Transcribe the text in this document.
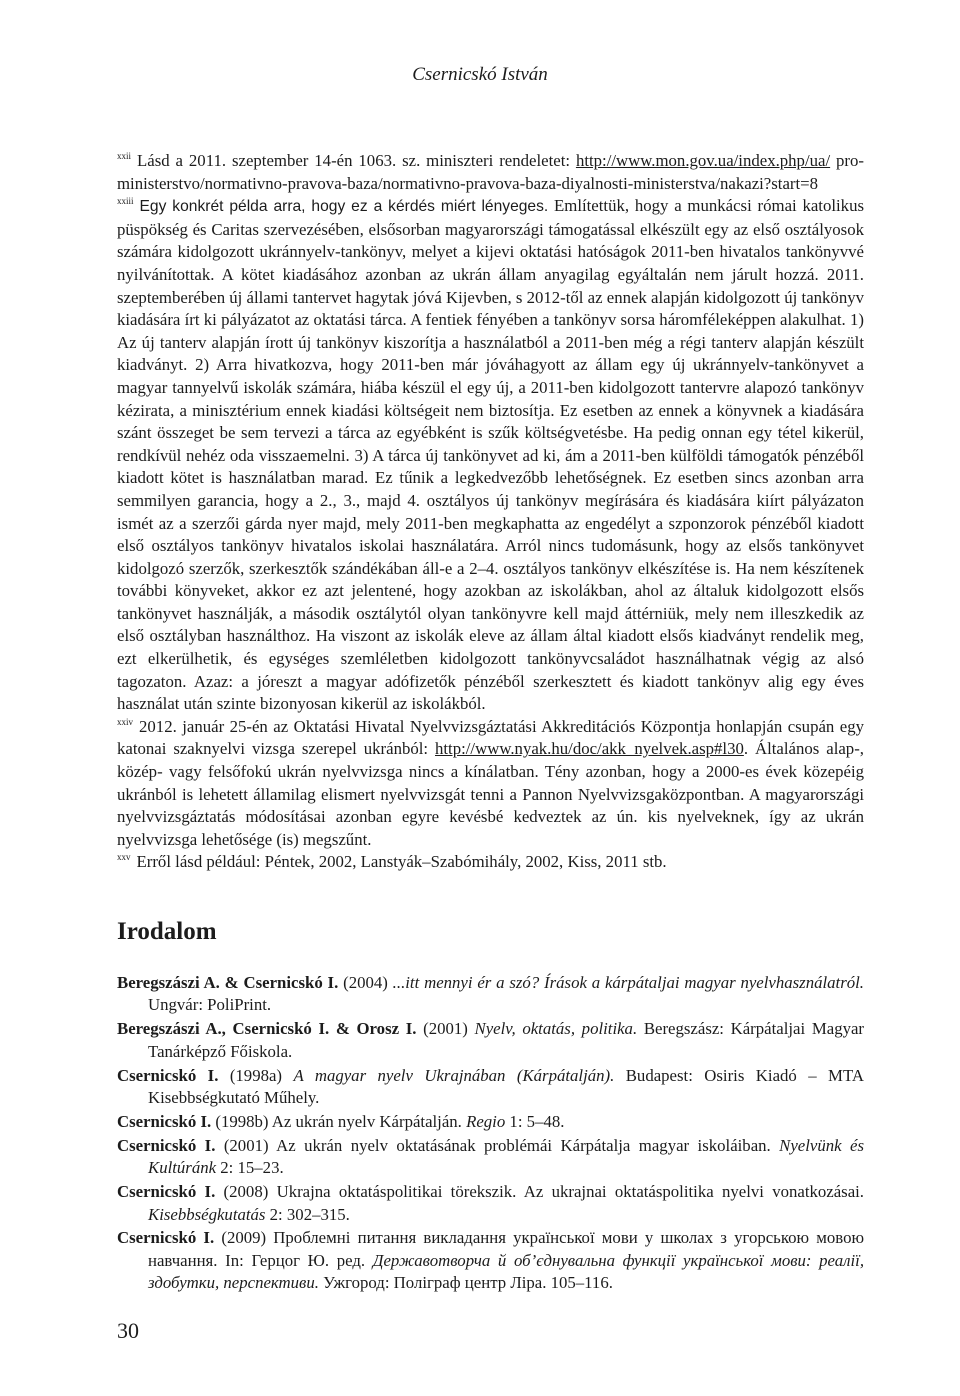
Csernicskó István

$^{xxii}$ Lásd a 2011. szeptember 14-én 1063. sz. miniszteri rendeletet: http://www.mon.gov.ua/index.php/ua/ pro-ministerstvo/normativno-pravova-baza/normativno-pravova-baza-diyalnosti-ministerstva/nakazi?start=8

$^{xxiii}$ Egy konkrét példa arra, hogy ez a kérdés miért lényeges. Említettük, hogy a munkácsi római katolikus püspökség és Caritas szervezésében, elsősorban magyarországi támogatással elkészült egy az első osztályosok számára kidolgozott ukránnyelv-tankönyv, melyet a kijevi oktatási hatóságok 2011-ben hivatalos tankönyvvé nyilvánítottak. A kötet kiadásához azonban az ukrán állam anyagilag egyáltalán nem járult hozzá. 2011. szeptemberében új állami tantervet hagytak jóvá Kijevben, s 2012-től az ennek alapján kidolgozott új tankönyv kiadására írt ki pályázatot az oktatási tárca. A fentiek fényében a tankönyv sorsa háromféleképpen alakulhat. 1) Az új tanterv alapján írott új tankönyv kiszorítja a használatból a 2011-ben még a régi tanterv alapján készült kiadványt. 2) Arra hivatkozva, hogy 2011-ben már jóváhagyott az állam egy új ukránnyelv-tankönyvet a magyar tannyelvű iskolák számára, hiába készül el egy új, a 2011-ben kidolgozott tantervre alapozó tankönyv kézirata, a minisztérium ennek kiadási költségeit nem biztosítja. Ez esetben az ennek a könyvnek a kiadására szánt összeget be sem tervezi a tárca az egyébként is szűk költségvetésbe. Ha pedig onnan egy tétel kikerül, rendkívül nehéz oda visszaemelni. 3) A tárca új tankönyvet ad ki, ám a 2011-ben külföldi támogatók pénzéből kiadott kötet is használatban marad. Ez tűnik a legkedvezőbb lehetőségnek. Ez esetben sincs azonban arra semmilyen garancia, hogy a 2., 3., majd 4. osztályos új tankönyv megírására és kiadására kiírt pályázaton ismét az a szerzői gárda nyer majd, mely 2011-ben megkaphatta az engedélyt a szponzorok pénzéből kiadott első osztályos tankönyv hivatalos iskolai használatára. Arról nincs tudomásunk, hogy az elsős tankönyvet kidolgozó szerzők, szerkesztők szándékában áll-e a 2–4. osztályos tankönyv elkészítése is. Ha nem készítenek további könyveket, akkor ez azt jelentené, hogy azokban az iskolákban, ahol az általuk kidolgozott elsős tankönyvet használják, a második osztálytól olyan tankönyvre kell majd áttérniük, mely nem illeszkedik az első osztályban használthoz. Ha viszont az iskolák eleve az állam által kiadott elsős kiadványt rendelik meg, ezt elkerülhetik, és egységes szemléletben kidolgozott tankönyvcsaládot használhatnak végig az alsó tagozaton. Azaz: a jóreszt a magyar adófizetők pénzéből szerkesztett és kiadott tankönyv alig egy éves használat után szinte bizonyosan kikerül az iskolákból.

$^{xxiv}$ 2012. január 25-én az Oktatási Hivatal Nyelvvizsgáztatási Akkreditációs Központja honlapján csupán egy katonai szaknyelvi vizsga szerepel ukránból: http://www.nyak.hu/doc/akk_nyelvek.asp#l30. Általános alap-, közép- vagy felsőfokú ukrán nyelvvizsga nincs a kínálatban. Tény azonban, hogy a 2000-es évek közepéig ukránból is lehetett államilag elismert nyelvvizsgát tenni a Pannon Nyelvvizsgaközpontban. A magyarországi nyelvvizsgáztatás módosításai azonban egyre kevésbé kedveztek az ún. kis nyelveknek, így az ukrán nyelvvizsga lehetősége (is) megszűnt.

$^{xxv}$ Erről lásd például: Péntek, 2002, Lanstyák–Szabómihály, 2002, Kiss, 2011 stb.

Irodalom

Beregszászi A. & Csernicskó I. (2004) ...itt mennyi ér a szó? Írások a kárpátaljai magyar nyelvhasználatról. Ungvár: PoliPrint.

Beregszászi A., Csernicskó I. & Orosz I. (2001) Nyelv, oktatás, politika. Beregszász: Kárpátaljai Magyar Tanárképző Főiskola.

Csernicskó I. (1998a) A magyar nyelv Ukrajnában (Kárpátalján). Budapest: Osiris Kiadó – MTA Kisebbségkutató Műhely.

Csernicskó I. (1998b) Az ukrán nyelv Kárpátalján. Regio 1: 5–48.

Csernicskó I. (2001) Az ukrán nyelv oktatásának problémái Kárpátalja magyar iskoláiban. Nyelvünk és Kultúránk 2: 15–23.

Csernicskó I. (2008) Ukrajna oktatáspolitikai törekszik. Az ukrajnai oktatáspolitika nyelvi vonatkozásai. Kisebbségkutatás 2: 302–315.

Csernicskó I. (2009) Проблемні питання викладання української мови у школах з угорською мовою навчання. In: Герцог Ю. ред. Державотворча й об’єднувальна функції української мови: реалії, здобутки, перспективи. Ужгород: Поліграф центр Ліра. 105–116.

30
